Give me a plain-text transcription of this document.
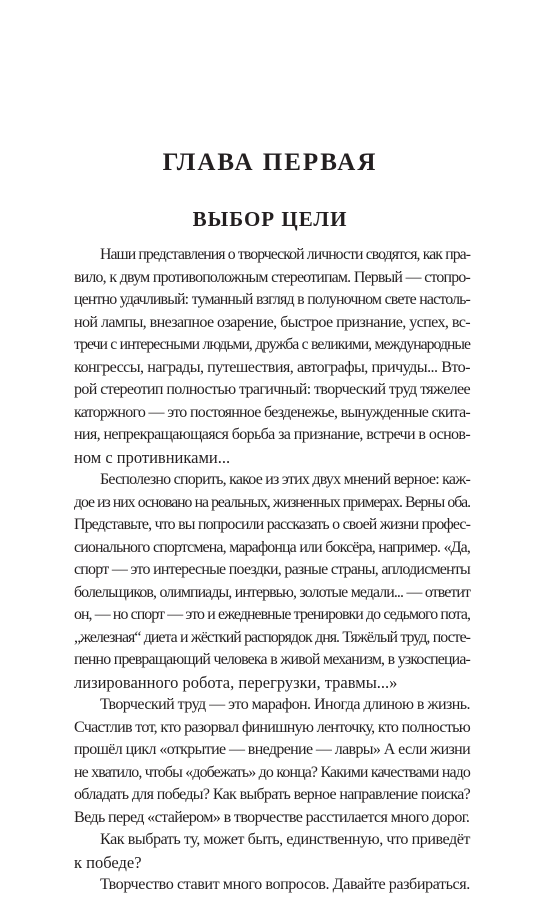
ГЛАВА ПЕРВАЯ
ВЫБОР ЦЕЛИ
Наши представления о творческой личности сводятся, как пра-
вило, к двум противоположным стереотипам. Первый — стопро-
центно удачливый: туманный взгляд в полуночном свете настоль-
ной лампы, внезапное озарение, быстрое признание, успех, вс-
тречи с интересными людьми, дружба с великими, международные
конгрессы, награды, путешествия, автографы, причуды... Вто-
рой стереотип полностью трагичный: творческий труд тяжелее
каторжного — это постоянное безденежье, вынужденные скита-
ния, непрекращающаяся борьба за признание, встречи в основ-
ном с противниками...
Бесполезно спорить, какое из этих двух мнений верное: каж-
дое из них основано на реальных, жизненных примерах. Верны оба.
Представьте, что вы попросили рассказать о своей жизни профес-
сионального спортсмена, марафонца или боксёра, например. «Да,
спорт — это интересные поездки, разные страны, аплодисменты
болельщиков, олимпиады, интервью, золотые медали... — ответит
он, — но спорт — это и ежедневные тренировки до седьмого пота,
„железная“ диета и жёсткий распорядок дня. Тяжёлый труд, посте-
пенно превращающий человека в живой механизм, в узкоспециа-
лизированного робота, перегрузки, травмы...»
Творческий труд — это марафон. Иногда длиною в жизнь.
Счастлив тот, кто разорвал финишную ленточку, кто полностью
прошёл цикл «открытие — внедрение — лавры» А если жизни
не хватило, чтобы «добежать» до конца? Какими качествами надо
обладать для победы? Как выбрать верное направление поиска?
Ведь перед «стайером» в творчестве расстилается много дорог.
Как выбрать ту, может быть, единственную, что приведёт
к победе?
Творчество ставит много вопросов. Давайте разбираться.
